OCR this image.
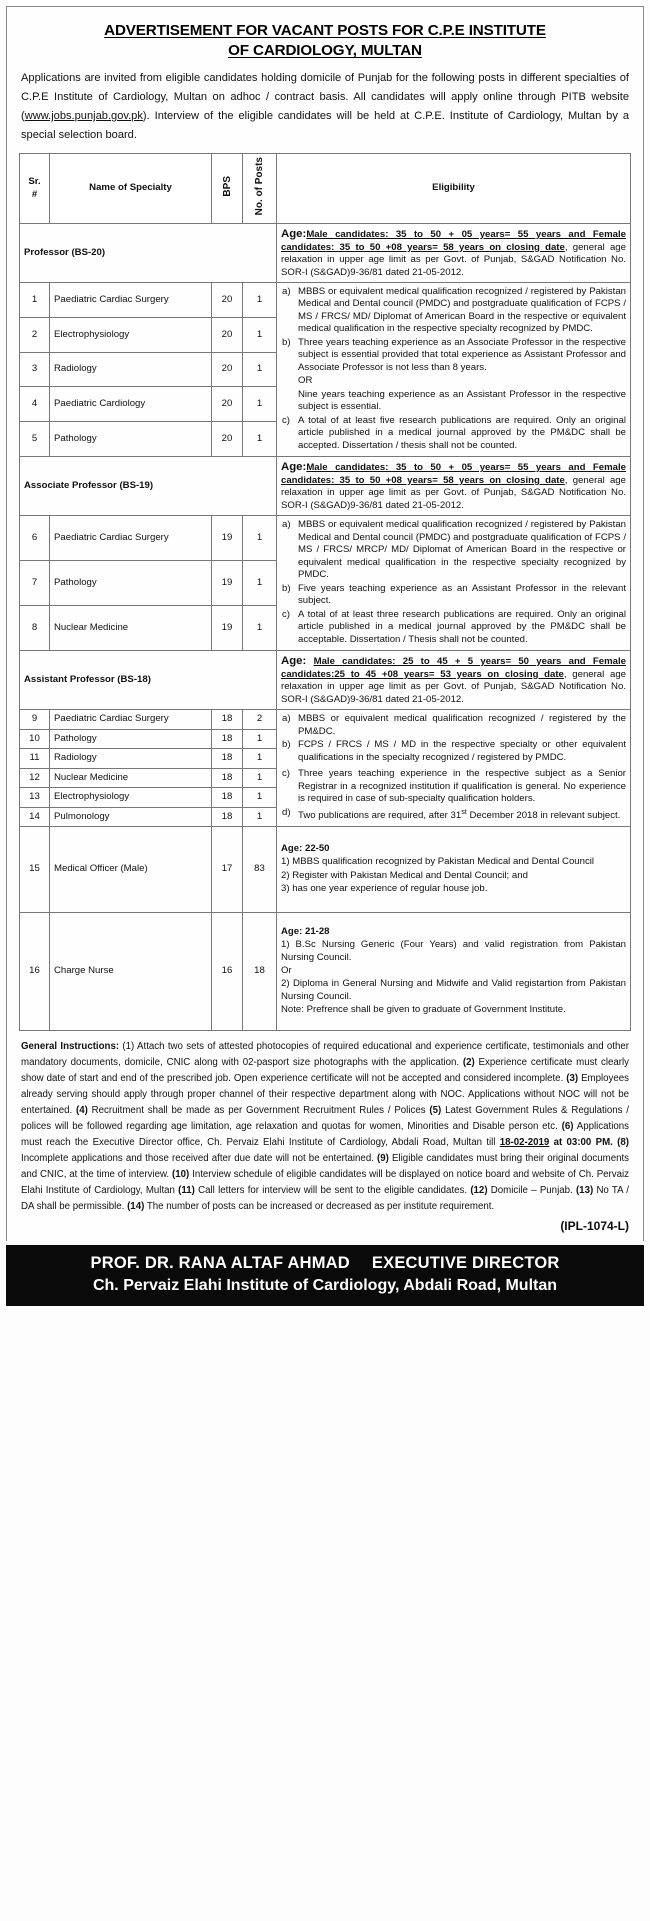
ADVERTISEMENT FOR VACANT POSTS FOR C.P.E INSTITUTE
OF CARDIOLOGY, MULTAN

Applications are invited from eligible candidates holding domicile of Punjab for the following posts in different specialties of C.P.E Institute of Cardiology, Multan on adhoc / contract basis. All candidates will apply online through PITB website (www.jobs.punjab.gov.pk). Interview of the eligible candidates will be held at C.P.E. Institute of Cardiology, Multan by a special selection board.

Sr.
#	Name of Specialty	BPS	No. of Posts	Eligibility
Professor (BS-20)				Age:Male candidates: 35 to 50 + 05 years= 55 years and Female candidates: 35 to 50 +08 years= 58 years on closing date, general age relaxation in upper age limit as per Govt. of Punjab, S&GAD Notification No. SOR-I (S&GAD)9-36/81 dated 21-05-2012.
1	Paediatric Cardiac Surgery	20	1	
a) MBBS or equivalent medical qualification recognized / registered by Pakistan Medical and Dental council (PMDC) and postgraduate qualification of FCPS / MS / FRCS/ MD/ Diplomat of American Board in the respective or equivalent medical qualification in the respective specialty recognized by PMDC.
b) Three years teaching experience as an Associate Professor in the respective subject is essential provided that total experience as Assistant Professor and Associate Professor is not less than 8 years.
OR
Nine years teaching experience as an Assistant Professor in the respective subject is essential.
c) A total of at least five research publications are required. Only an original article published in a medical journal approved by the PM&DC shall be accepted. Dissertation / thesis shall not be counted.

2	Electrophysiology	20	1	
3	Radiology	20	1	
4	Paediatric Cardiology	20	1	
5	Pathology	20	1	
Associate Professor (BS-19)				Age:Male candidates: 35 to 50 + 05 years= 55 years and Female candidates: 35 to 50 +08 years= 58 years on closing date, general age relaxation in upper age limit as per Govt. of Punjab, S&GAD Notification No. SOR-I (S&GAD)9-36/81 dated 21-05-2012.
6	Paediatric Cardiac Surgery	19	1	
a) MBBS or equivalent medical qualification recognized / registered by Pakistan Medical and Dental council (PMDC) and postgraduate qualification of FCPS / MS / FRCS/ MRCP/ MD/ Diplomat of American Board in the respective or equivalent medical qualification in the respective specialty recognized by PMDC.
b) Five years teaching experience as an Assistant Professor in the relevant subject.
c) A total of at least three research publications are required. Only an original article published in a medical journal approved by the PM&DC shall be acceptable. Dissertation / Thesis shall not be counted.

7	Pathology	19	1	
8	Nuclear Medicine	19	1	
Assistant Professor (BS-18)				Age: Male candidates: 25 to 45 + 5 years= 50 years and Female candidates:25 to 45 +08 years= 53 years on closing date, general age relaxation in upper age limit as per Govt. of Punjab, S&GAD Notification No. SOR-I (S&GAD)9-36/81 dated 21-05-2012.
9	Paediatric Cardiac Surgery	18	2	a) MBBS or equivalent medical qualification recognized / registered by the PM&DC.
b) FCPS / FRCS / MS / MD in the respective specialty or other equivalent qualifications in the specialty recognized / registered by PMDC.
c) Three years teaching experience in the respective subject as a Senior Registrar in a recognized institution if qualification is general. No experience is required in case of sub-specialty qualification holders.
d) Two publications are required, after 31st December 2018 in relevant subject.

10	Pathology	18	1	
11	Radiology	18	1	
12	Nuclear Medicine	18	1	
13	Electrophysiology	18	1	
14	Pulmonology	18	1	
15	Medical Officer (Male)	17	83	Age: 22-50

1) MBBS qualification recognized by Pakistan Medical and Dental Council

2) Register with Pakistan Medical and Dental Council; and

3) has one year experience of regular house job.

16	Charge Nurse	16	18	Age: 21-28

1) B.Sc Nursing Generic (Four Years) and valid registration from Pakistan Nursing Council.

Or

2) Diploma in General Nursing and Midwife and Valid registartion from Pakistan Nursing Council.

Note: Prefrence shall be given to graduate of Government Institute.

General Instructions: (1) Attach two sets of attested photocopies of required educational and experience certificate, testimonials and other mandatory documents, domicile, CNIC along with 02-pasport size photographs with the application. (2) Experience certificate must clearly show date of start and end of the prescribed job. Open experience certificate will not be accepted and considered incomplete. (3) Employees already serving should apply through proper channel of their respective department along with NOC. Applications without NOC will not be entertained. (4) Recruitment shall be made as per Government Recruitment Rules / Polices (5) Latest Government Rules & Regulations / polices will be followed regarding age limitation, age relaxation and quotas for women, Minorities and Disable person etc. (6) Applications must reach the Executive Director office, Ch. Pervaiz Elahi Institute of Cardiology, Abdali Road, Multan till 18-02-2019 at 03:00 PM. (8) Incomplete applications and those received after due date will not be entertained. (9) Eligible candidates must bring their original documents and CNIC, at the time of interview. (10) Interview schedule of eligible candidates will be displayed on notice board and website of Ch. Pervaiz Elahi Institute of Cardiology, Multan (11) Call letters for interview will be sent to the eligible candidates. (12) Domicile – Punjab. (13) No TA / DA shall be permissible. (14) The number of posts can be increased or decreased as per institute requirement.

(IPL-1074-L)
PROF. DR. RANA ALTAF AHMAD EXECUTIVE DIRECTOR
Ch. Pervaiz Elahi Institute of Cardiology, Abdali Road, Multan
